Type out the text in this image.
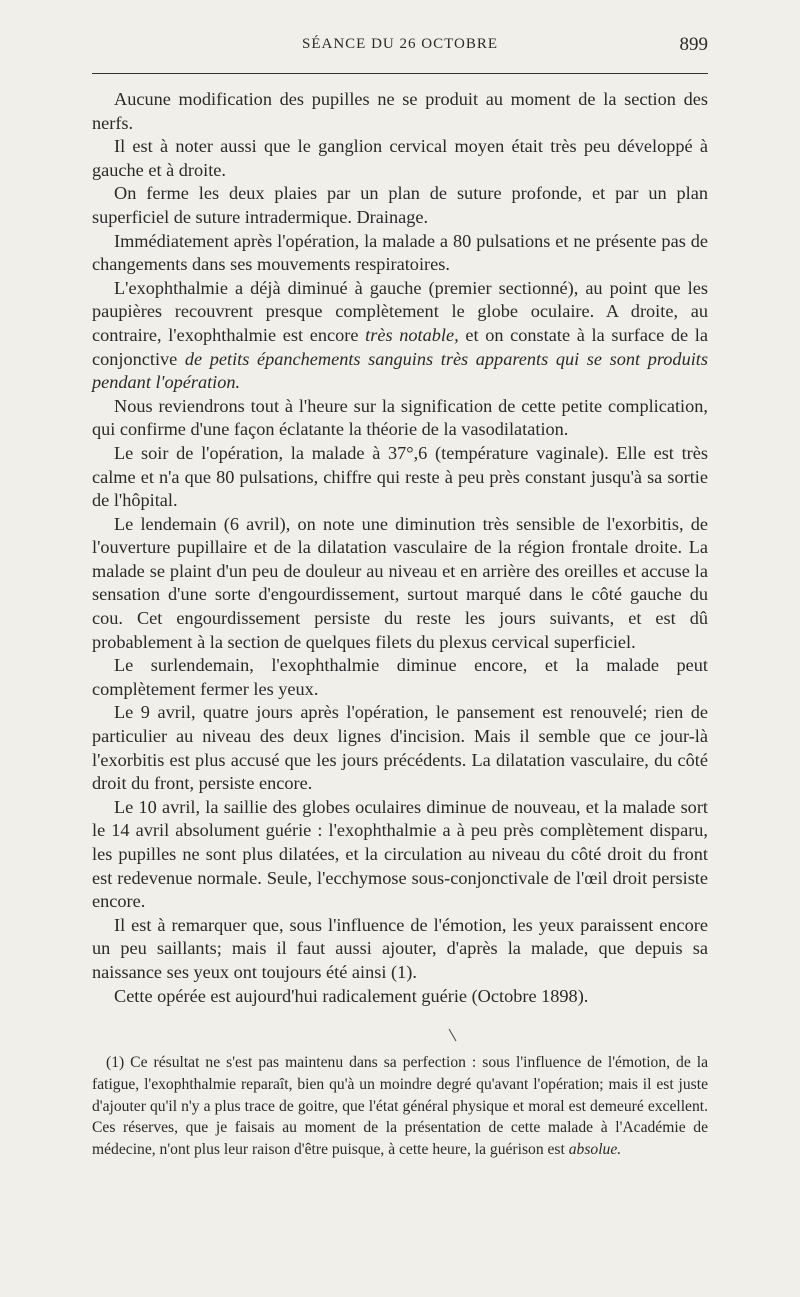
SÉANCE DU 26 OCTOBRE	899

Aucune modification des pupilles ne se produit au moment de la section des nerfs.

Il est à noter aussi que le ganglion cervical moyen était très peu développé à gauche et à droite.

On ferme les deux plaies par un plan de suture profonde, et par un plan superficiel de suture intradermique. Drainage.

Immédiatement après l'opération, la malade a 80 pulsations et ne présente pas de changements dans ses mouvements respiratoires.

L'exophthalmie a déjà diminué à gauche (premier sectionné), au point que les paupières recouvrent presque complètement le globe oculaire. A droite, au contraire, l'exophthalmie est encore très notable, et on constate à la surface de la conjonctive de petits épanchements sanguins très apparents qui se sont produits pendant l'opération.

Nous reviendrons tout à l'heure sur la signification de cette petite complication, qui confirme d'une façon éclatante la théorie de la vasodilatation.

Le soir de l'opération, la malade à 37°,6 (température vaginale). Elle est très calme et n'a que 80 pulsations, chiffre qui reste à peu près constant jusqu'à sa sortie de l'hôpital.

Le lendemain (6 avril), on note une diminution très sensible de l'exorbitis, de l'ouverture pupillaire et de la dilatation vasculaire de la région frontale droite. La malade se plaint d'un peu de douleur au niveau et en arrière des oreilles et accuse la sensation d'une sorte d'engourdissement, surtout marqué dans le côté gauche du cou. Cet engourdissement persiste du reste les jours suivants, et est dû probablement à la section de quelques filets du plexus cervical superficiel.

Le surlendemain, l'exophthalmie diminue encore, et la malade peut complètement fermer les yeux.

Le 9 avril, quatre jours après l'opération, le pansement est renouvelé; rien de particulier au niveau des deux lignes d'incision. Mais il semble que ce jour-là l'exorbitis est plus accusé que les jours précédents. La dilatation vasculaire, du côté droit du front, persiste encore.

Le 10 avril, la saillie des globes oculaires diminue de nouveau, et la malade sort le 14 avril absolument guérie : l'exophthalmie a à peu près complètement disparu, les pupilles ne sont plus dilatées, et la circulation au niveau du côté droit du front est redevenue normale. Seule, l'ecchymose sous-conjonctivale de l'œil droit persiste encore.

Il est à remarquer que, sous l'influence de l'émotion, les yeux paraissent encore un peu saillants; mais il faut aussi ajouter, d'après la malade, que depuis sa naissance ses yeux ont toujours été ainsi (1).

Cette opérée est aujourd'hui radicalement guérie (Octobre 1898).

(1) Ce résultat ne s'est pas maintenu dans sa perfection : sous l'influence de l'émotion, de la fatigue, l'exophthalmie reparaît, bien qu'à un moindre degré qu'avant l'opération; mais il est juste d'ajouter qu'il n'y a plus trace de goitre, que l'état général physique et moral est demeuré excellent. Ces réserves, que je faisais au moment de la présentation de cette malade à l'Académie de médecine, n'ont plus leur raison d'être puisque, à cette heure, la guérison est absolue.
